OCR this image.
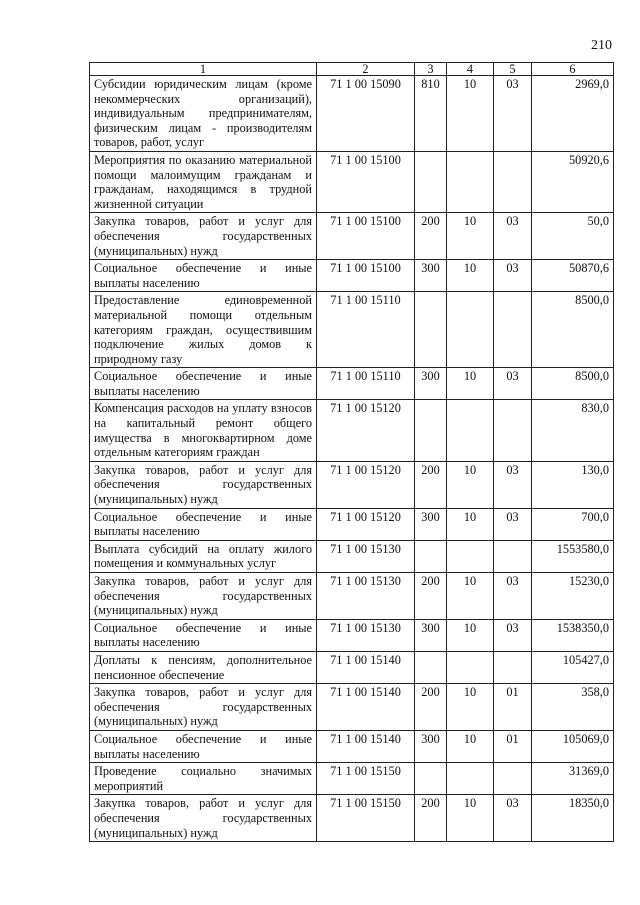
210
1	2	3	4	5	6
Субсидии юридическим лицам (кроме некоммерческих организаций), индивидуальным предпринимателям, физическим лицам - производителям товаров, работ, услуг	71 1 00 15090	810	10	03	2969,0
Мероприятия по оказанию материальной помощи малоимущим гражданам и гражданам, находящимся в трудной жизненной ситуации	71 1 00 15100				50920,6
Закупка товаров, работ и услуг для обеспечения государственных (муниципальных) нужд	71 1 00 15100	200	10	03	50,0
Социальное обеспечение и иные выплаты населению	71 1 00 15100	300	10	03	50870,6
Предоставление единовременной материальной помощи отдельным категориям граждан, осуществившим подключение жилых домов к природному газу	71 1 00 15110				8500,0
Социальное обеспечение и иные выплаты населению	71 1 00 15110	300	10	03	8500,0
Компенсация расходов на уплату взносов на капитальный ремонт общего имущества в многоквартирном доме отдельным категориям граждан	71 1 00 15120				830,0
Закупка товаров, работ и услуг для обеспечения государственных (муниципальных) нужд	71 1 00 15120	200	10	03	130,0
Социальное обеспечение и иные выплаты населению	71 1 00 15120	300	10	03	700,0
Выплата субсидий на оплату жилого помещения и коммунальных услуг	71 1 00 15130				1553580,0
Закупка товаров, работ и услуг для обеспечения государственных (муниципальных) нужд	71 1 00 15130	200	10	03	15230,0
Социальное обеспечение и иные выплаты населению	71 1 00 15130	300	10	03	1538350,0
Доплаты к пенсиям, дополнительное пенсионное обеспечение	71 1 00 15140				105427,0
Закупка товаров, работ и услуг для обеспечения государственных (муниципальных) нужд	71 1 00 15140	200	10	01	358,0
Социальное обеспечение и иные выплаты населению	71 1 00 15140	300	10	01	105069,0
Проведение социально значимых мероприятий	71 1 00 15150				31369,0
Закупка товаров, работ и услуг для обеспечения государственных (муниципальных) нужд	71 1 00 15150	200	10	03	18350,0
